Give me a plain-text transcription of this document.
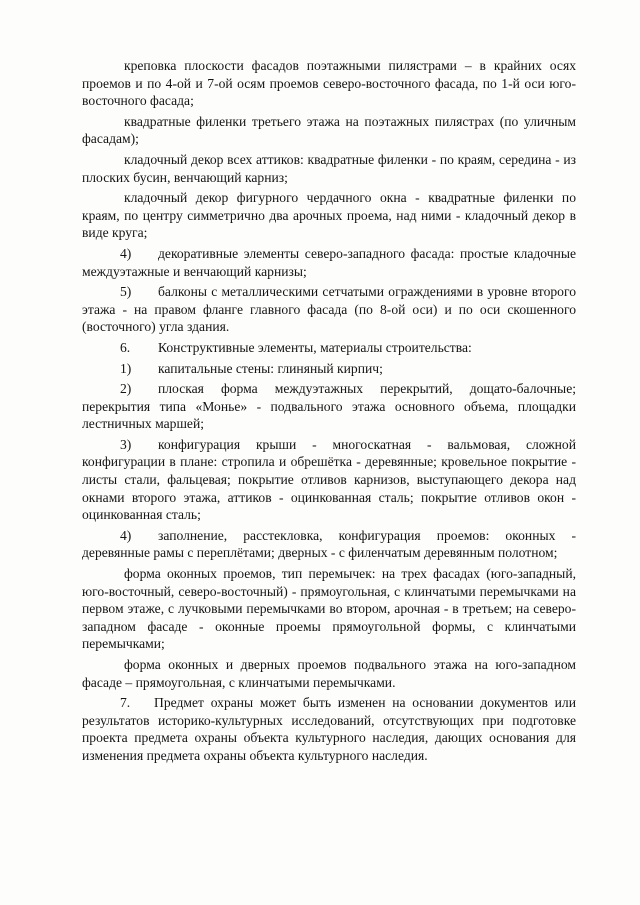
креповка плоскости фасадов поэтажными пилястрами – в крайних осях проемов и по 4-ой и 7-ой осям проемов северо-восточного фасада, по 1-й оси юго-восточного фасада;

квадратные филенки третьего этажа на поэтажных пилястрах (по уличным фасадам);

кладочный декор всех аттиков: квадратные филенки - по краям, середина - из плоских бусин, венчающий карниз;

кладочный декор фигурного чердачного окна - квадратные филенки по краям, по центру симметрично два арочных проема, над ними - кладочный декор в виде круга;

4) декоративные элементы северо-западного фасада: простые кладочные междуэтажные и венчающий карнизы;

5) балконы с металлическими сетчатыми ограждениями в уровне второго этажа - на правом фланге главного фасада (по 8-ой оси) и по оси скошенного (восточного) угла здания.

6. Конструктивные элементы, материалы строительства:

1) капитальные стены: глиняный кирпич;

2) плоская форма междуэтажных перекрытий, дощато-балочные; перекрытия типа «Монье» - подвального этажа основного объема, площадки лестничных маршей;

3) конфигурация крыши - многоскатная - вальмовая, сложной конфигурации в плане: стропила и обрешётка - деревянные; кровельное покрытие - листы стали, фальцевая; покрытие отливов карнизов, выступающего декора над окнами второго этажа, аттиков - оцинкованная сталь; покрытие отливов окон - оцинкованная сталь;

4) заполнение, расстекловка, конфигурация проемов: оконных - деревянные рамы с переплётами; дверных - с филенчатым деревянным полотном;

форма оконных проемов, тип перемычек: на трех фасадах (юго-западный, юго-восточный, северо-восточный) - прямоугольная, с клинчатыми перемычками на первом этаже, с лучковыми перемычками во втором, арочная - в третьем; на северо-западном фасаде - оконные проемы прямоугольной формы, с клинчатыми перемычками;

форма оконных и дверных проемов подвального этажа на юго-западном фасаде – прямоугольная, с клинчатыми перемычками.

7. Предмет охраны может быть изменен на основании документов или результатов историко-культурных исследований, отсутствующих при подготовке проекта предмета охраны объекта культурного наследия, дающих основания для изменения предмета охраны объекта культурного наследия.
